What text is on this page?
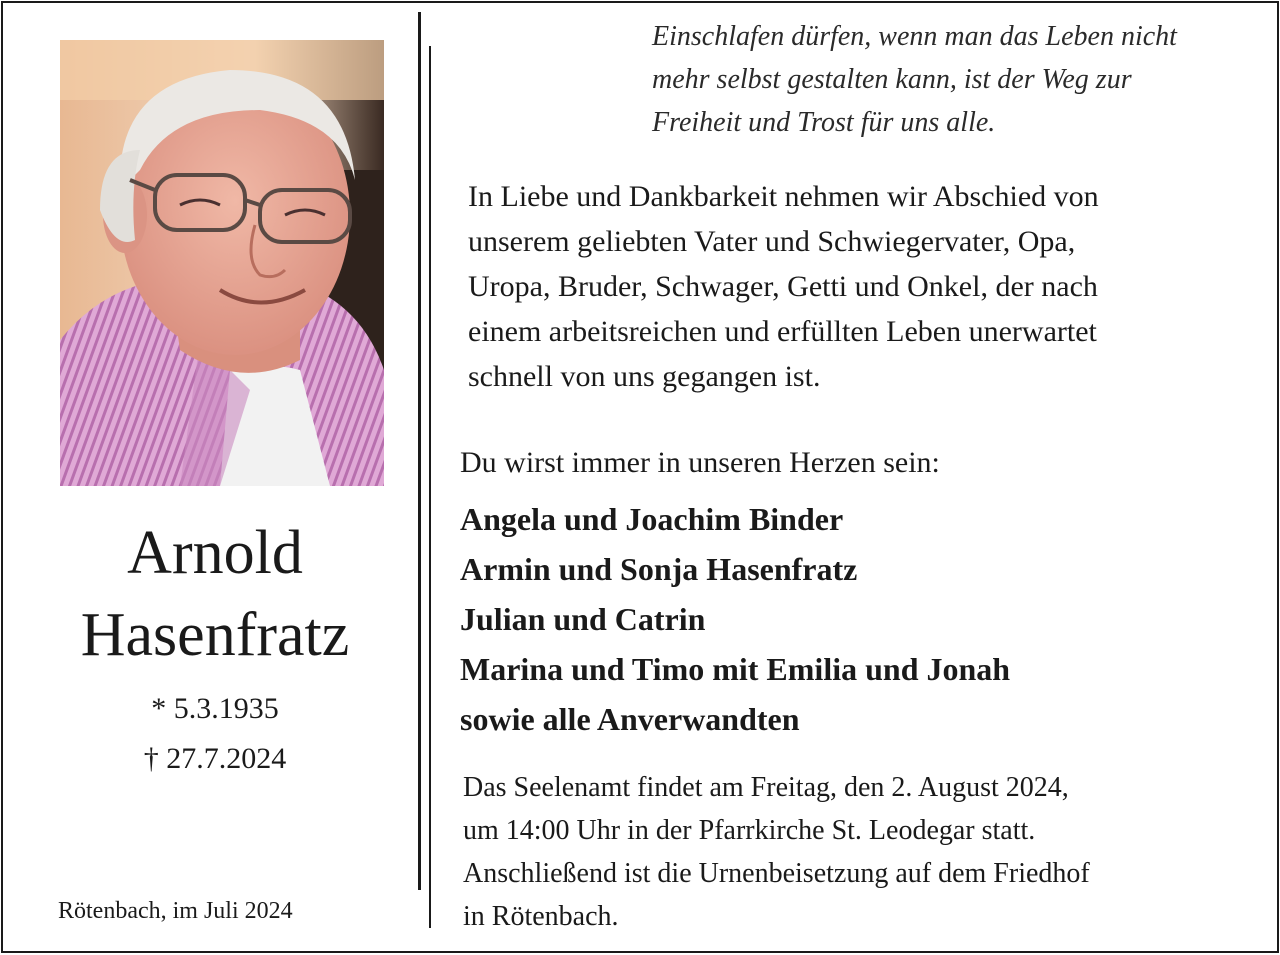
Arnold
Hasenfratz
* 5.3.1935
† 27.7.2024
Rötenbach, im Juli 2024
Einschlafen dürfen, wenn man das Leben nicht
mehr selbst gestalten kann, ist der Weg zur
Freiheit und Trost für uns alle.
In Liebe und Dankbarkeit nehmen wir Abschied von
unserem geliebten Vater und Schwiegervater, Opa,
Uropa, Bruder, Schwager, Getti und Onkel, der nach
einem arbeitsreichen und erfüllten Leben unerwartet
schnell von uns gegangen ist.
Du wirst immer in unseren Herzen sein:
Angela und Joachim Binder
Armin und Sonja Hasenfratz
Julian und Catrin
Marina und Timo mit Emilia und Jonah
sowie alle Anverwandten
Das Seelenamt findet am Freitag, den 2. August 2024,
um 14:00 Uhr in der Pfarrkirche St. Leodegar statt.
Anschließend ist die Urnenbeisetzung auf dem Friedhof
in Rötenbach.
